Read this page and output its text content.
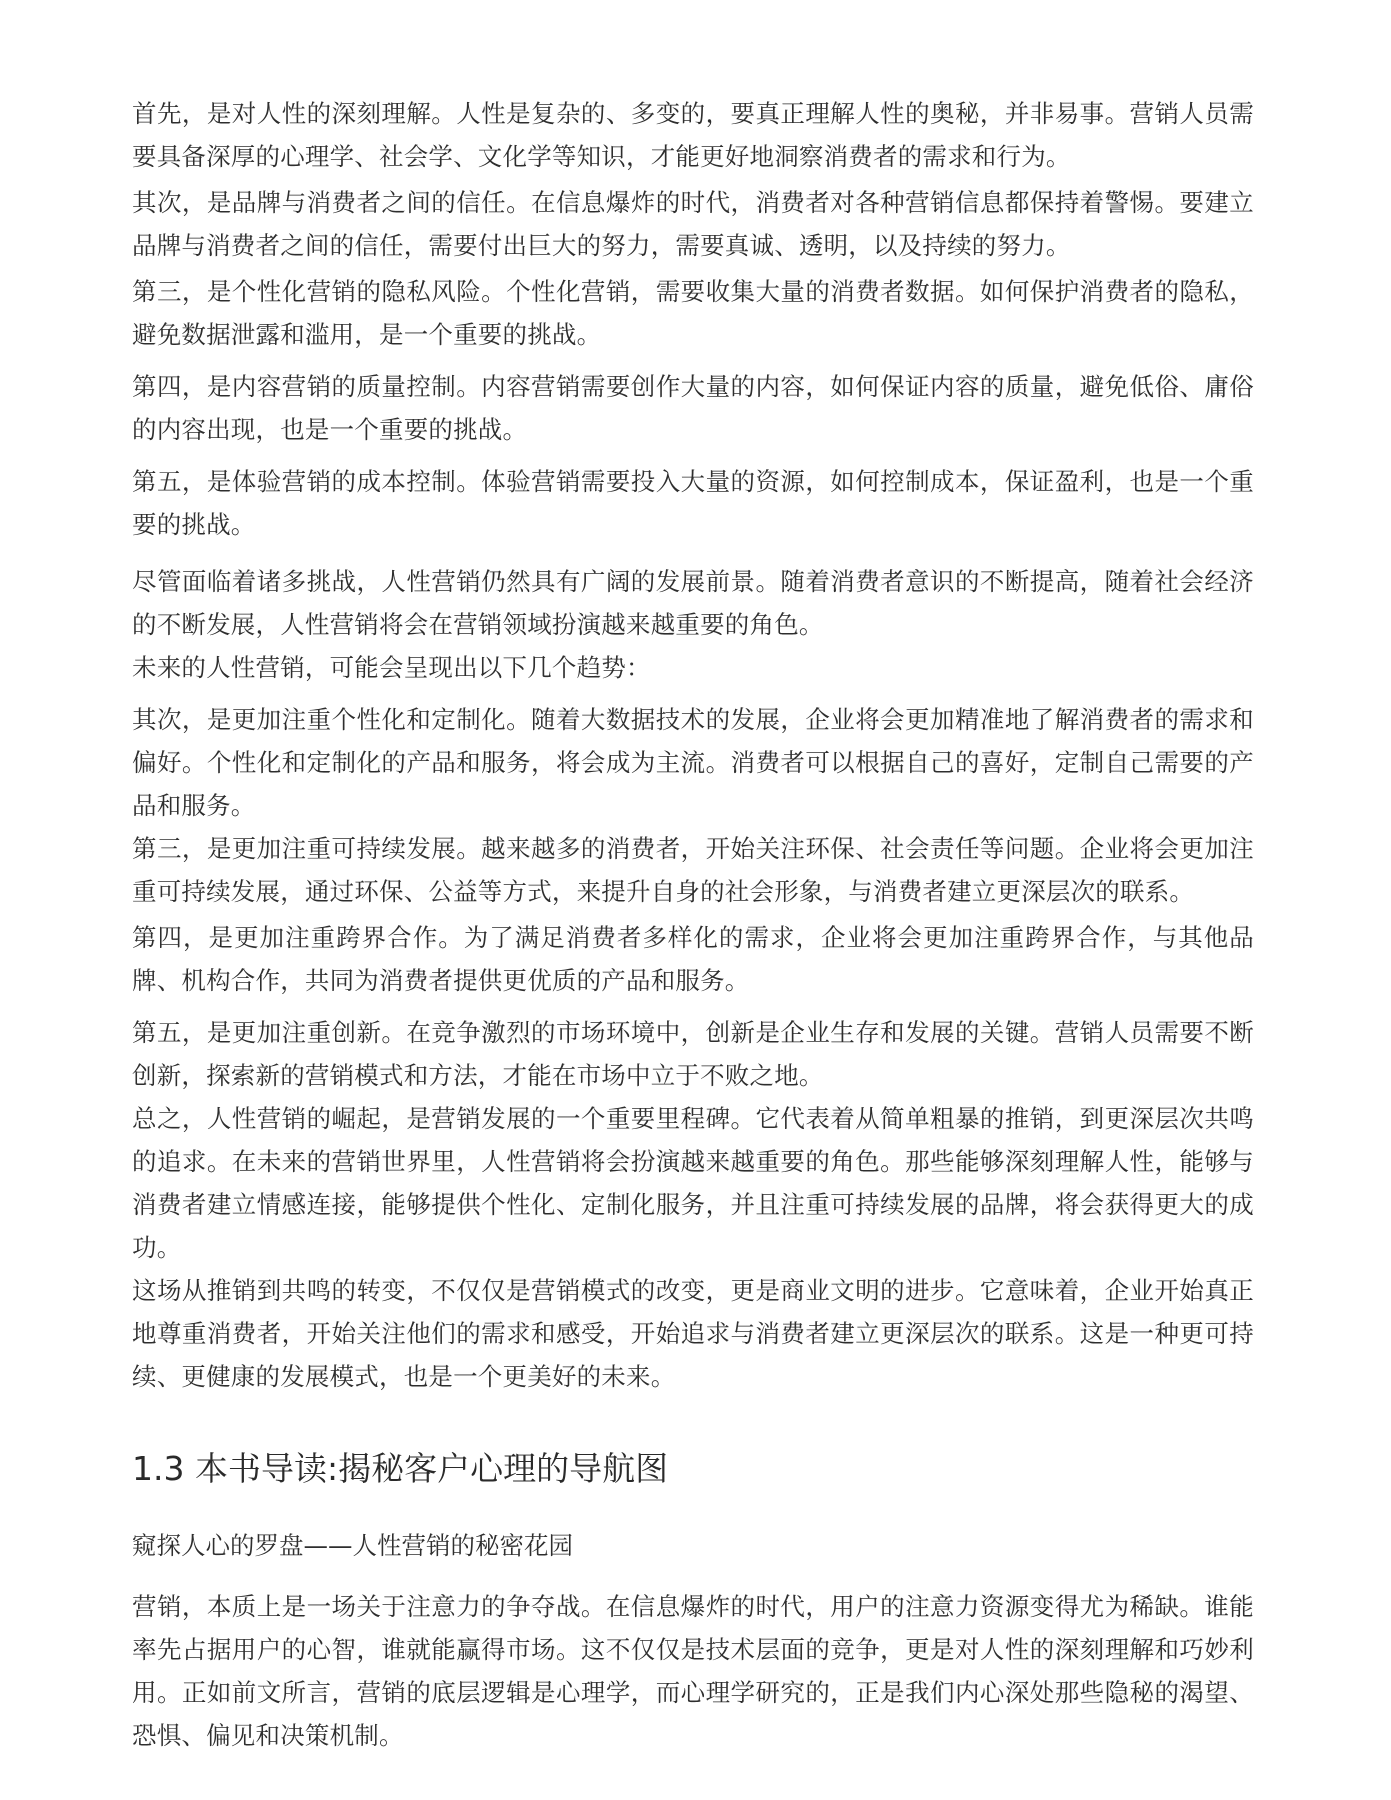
首先，是对人性的深刻理解。人性是复杂的、多变的，要真正理解人性的奥秘，并非易事。营销人员需要具备深厚的心理学、社会学、文化学等知识，才能更好地洞察消费者的需求和行为。

其次，是品牌与消费者之间的信任。在信息爆炸的时代，消费者对各种营销信息都保持着警惕。要建立品牌与消费者之间的信任，需要付出巨大的努力，需要真诚、透明，以及持续的努力。

第三，是个性化营销的隐私风险。个性化营销，需要收集大量的消费者数据。如何保护消费者的隐私，避免数据泄露和滥用，是一个重要的挑战。

第四，是内容营销的质量控制。内容营销需要创作大量的内容，如何保证内容的质量，避免低俗、庸俗的内容出现，也是一个重要的挑战。

第五，是体验营销的成本控制。体验营销需要投入大量的资源，如何控制成本，保证盈利，也是一个重要的挑战。

尽管面临着诸多挑战，人性营销仍然具有广阔的发展前景。随着消费者意识的不断提高，随着社会经济的不断发展，人性营销将会在营销领域扮演越来越重要的角色。

未来的人性营销，可能会呈现出以下几个趋势：

其次，是更加注重个性化和定制化。随着大数据技术的发展，企业将会更加精准地了解消费者的需求和偏好。个性化和定制化的产品和服务，将会成为主流。消费者可以根据自己的喜好，定制自己需要的产品和服务。

第三，是更加注重可持续发展。越来越多的消费者，开始关注环保、社会责任等问题。企业将会更加注重可持续发展，通过环保、公益等方式，来提升自身的社会形象，与消费者建立更深层次的联系。

第四，是更加注重跨界合作。为了满足消费者多样化的需求，企业将会更加注重跨界合作，与其他品牌、机构合作，共同为消费者提供更优质的产品和服务。

第五，是更加注重创新。在竞争激烈的市场环境中，创新是企业生存和发展的关键。营销人员需要不断创新，探索新的营销模式和方法，才能在市场中立于不败之地。

总之，人性营销的崛起，是营销发展的一个重要里程碑。它代表着从简单粗暴的推销，到更深层次共鸣的追求。在未来的营销世界里，人性营销将会扮演越来越重要的角色。那些能够深刻理解人性，能够与消费者建立情感连接，能够提供个性化、定制化服务，并且注重可持续发展的品牌，将会获得更大的成功。

这场从推销到共鸣的转变，不仅仅是营销模式的改变，更是商业文明的进步。它意味着，企业开始真正地尊重消费者，开始关注他们的需求和感受，开始追求与消费者建立更深层次的联系。这是一种更可持续、更健康的发展模式，也是一个更美好的未来。

1.3 本书导读:揭秘客户心理的导航图

窥探人心的罗盘——人性营销的秘密花园

营销，本质上是一场关于注意力的争夺战。在信息爆炸的时代，用户的注意力资源变得尤为稀缺。谁能率先占据用户的心智，谁就能赢得市场。这不仅仅是技术层面的竞争，更是对人性的深刻理解和巧妙利用。正如前文所言，营销的底层逻辑是心理学，而心理学研究的，正是我们内心深处那些隐秘的渴望、恐惧、偏见和决策机制。
